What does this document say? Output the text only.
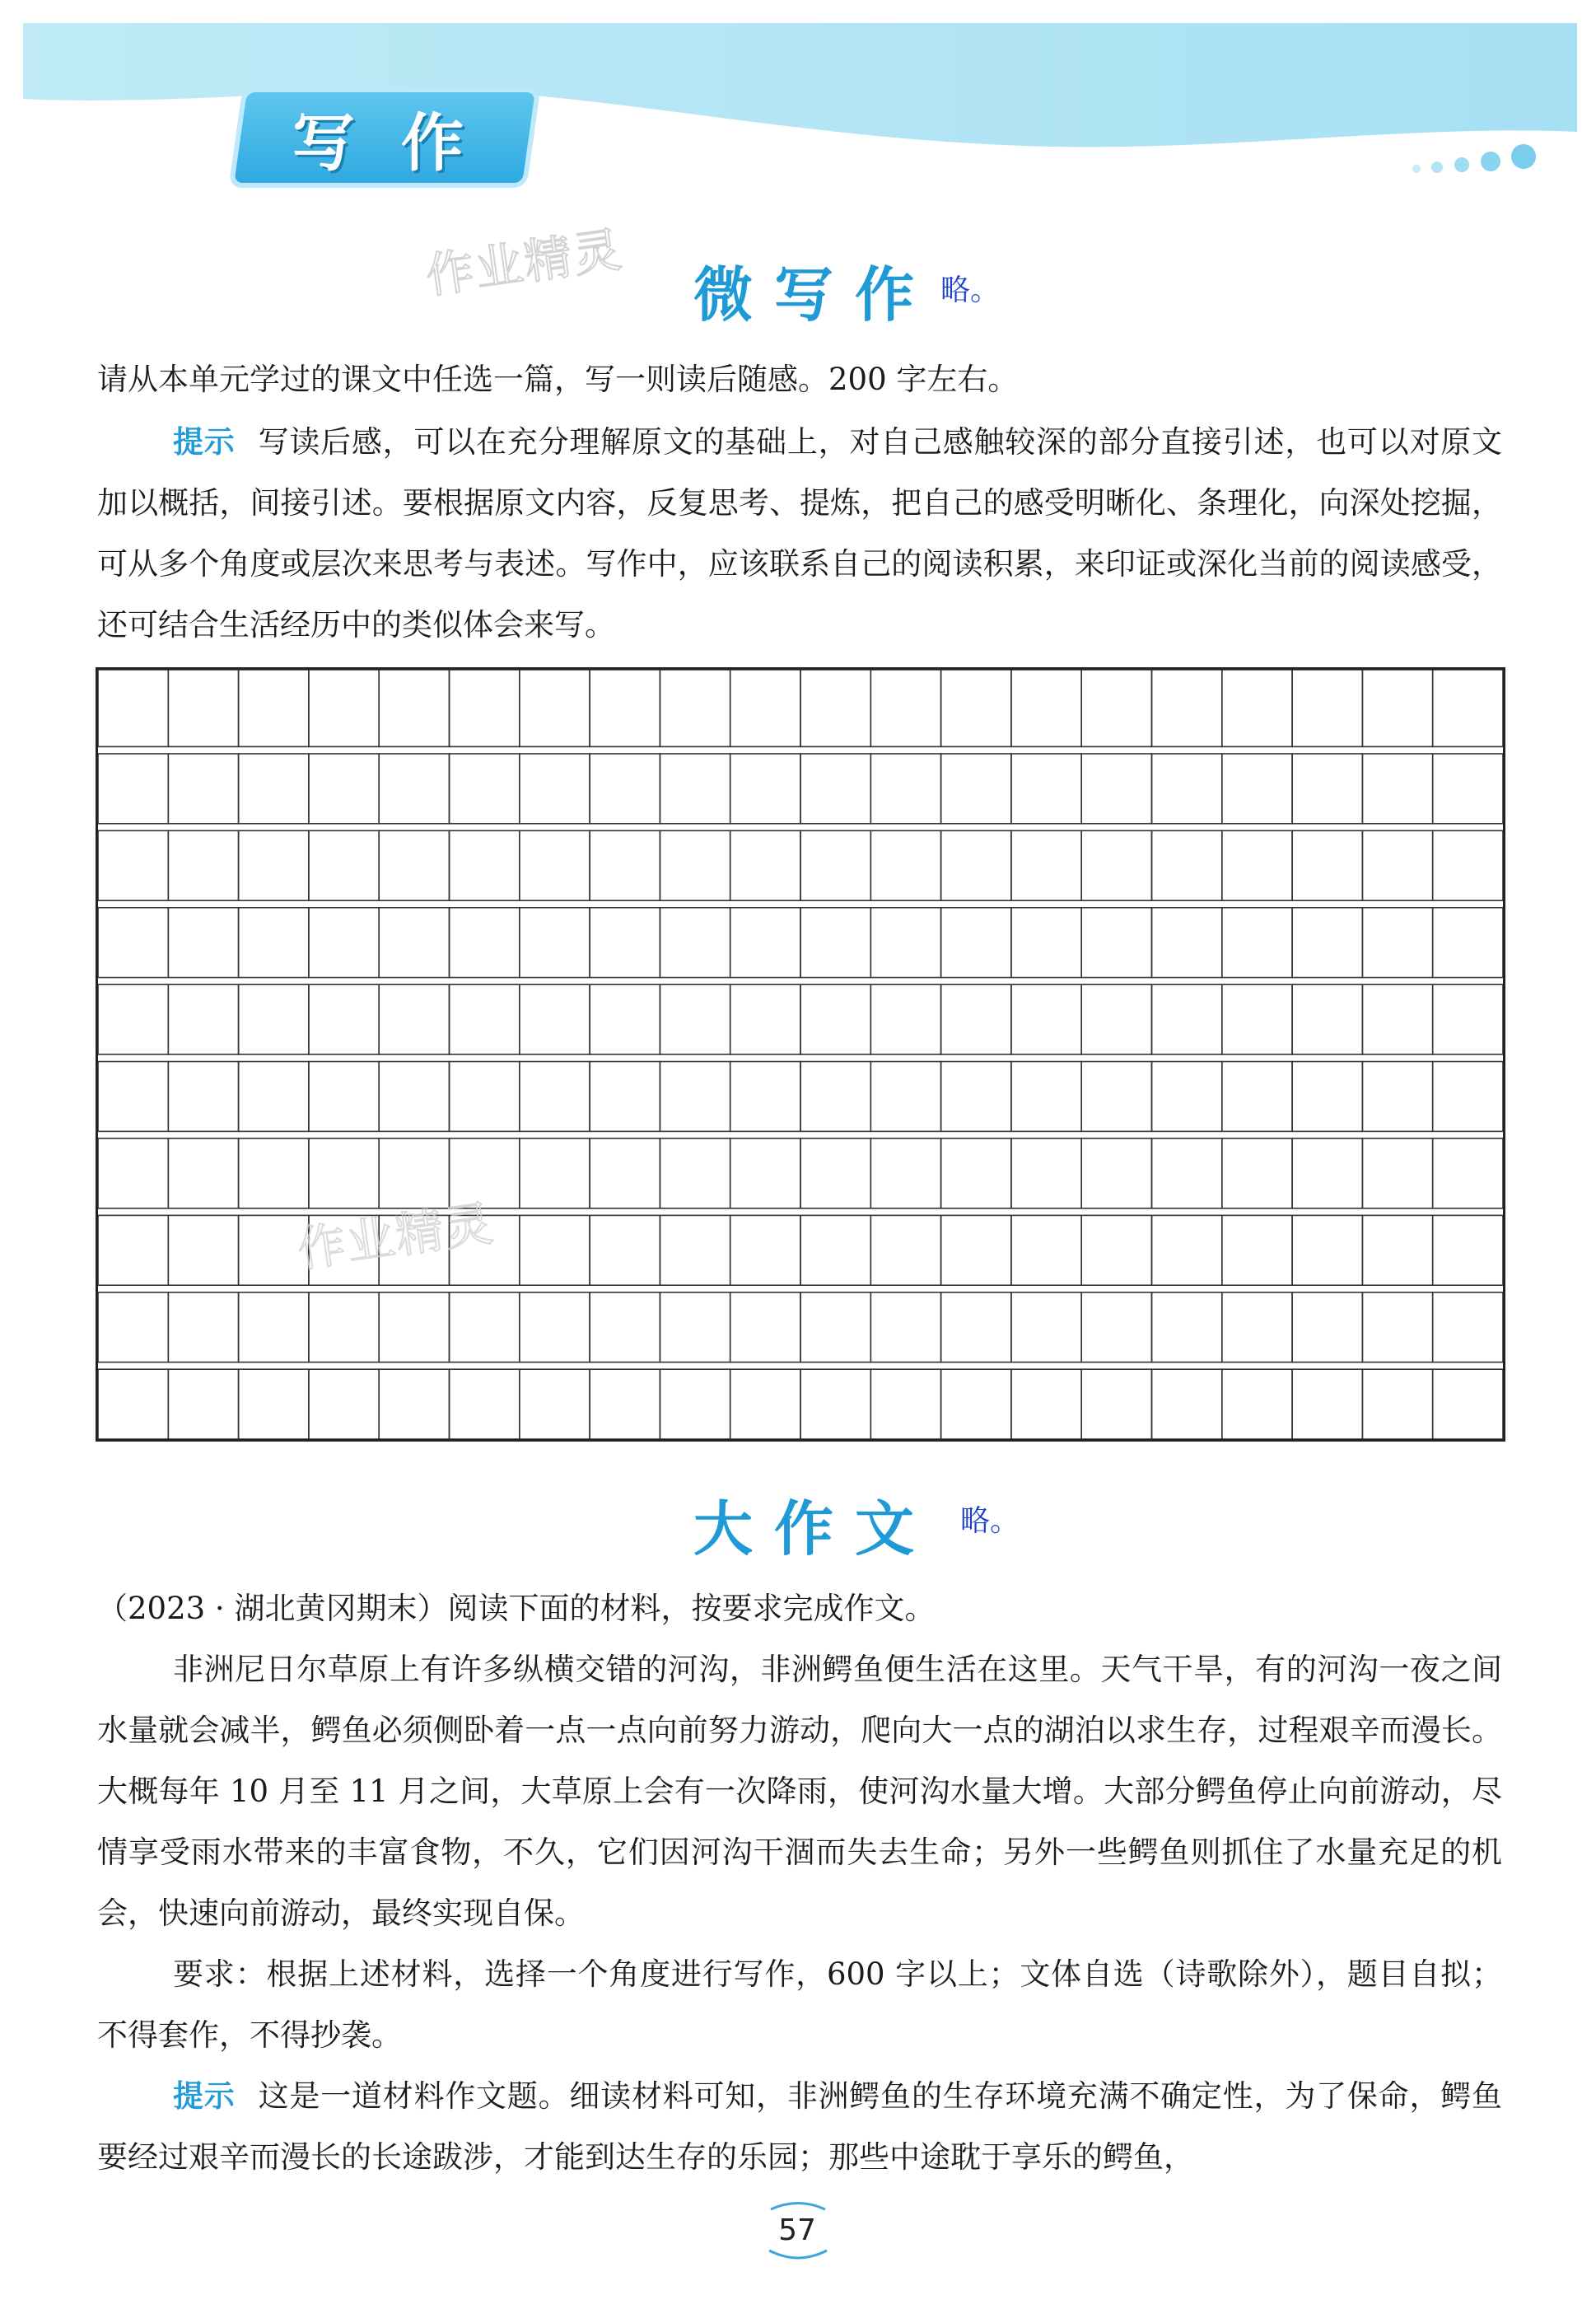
写作
作业精灵 微写作 略。

请从本单元学过的课文中任选一篇，写一则读后随感。200 字左右。

提示 写读后感，可以在充分理解原文的基础上，对自己感触较深的部分直接引述，也可以对原文加以概括，间接引述。要根据原文内容，反复思考、提炼，把自己的感受明晰化、条理化，向深处挖掘，可从多个角度或层次来思考与表述。写作中，应该联系自己的阅读积累，来印证或深化当前的阅读感受，还可结合生活经历中的类似体会来写。

作业精灵
大作文 略。

（2023 · 湖北黄冈期末）阅读下面的材料，按要求完成作文。

非洲尼日尔草原上有许多纵横交错的河沟，非洲鳄鱼便生活在这里。天气干旱，有的河沟一夜之间水量就会减半，鳄鱼必须侧卧着一点一点向前努力游动，爬向大一点的湖泊以求生存，过程艰辛而漫长。大概每年 10 月至 11 月之间，大草原上会有一次降雨，使河沟水量大增。大部分鳄鱼停止向前游动，尽情享受雨水带来的丰富食物，不久，它们因河沟干涸而失去生命；另外一些鳄鱼则抓住了水量充足的机会，快速向前游动，最终实现自保。

要求：根据上述材料，选择一个角度进行写作，600 字以上；文体自选（诗歌除外），题目自拟；不得套作，不得抄袭。

提示 这是一道材料作文题。细读材料可知，非洲鳄鱼的生存环境充满不确定性，为了保命，鳄鱼要经过艰辛而漫长的长途跋涉，才能到达生存的乐园；那些中途耽于享乐的鳄鱼，

57
